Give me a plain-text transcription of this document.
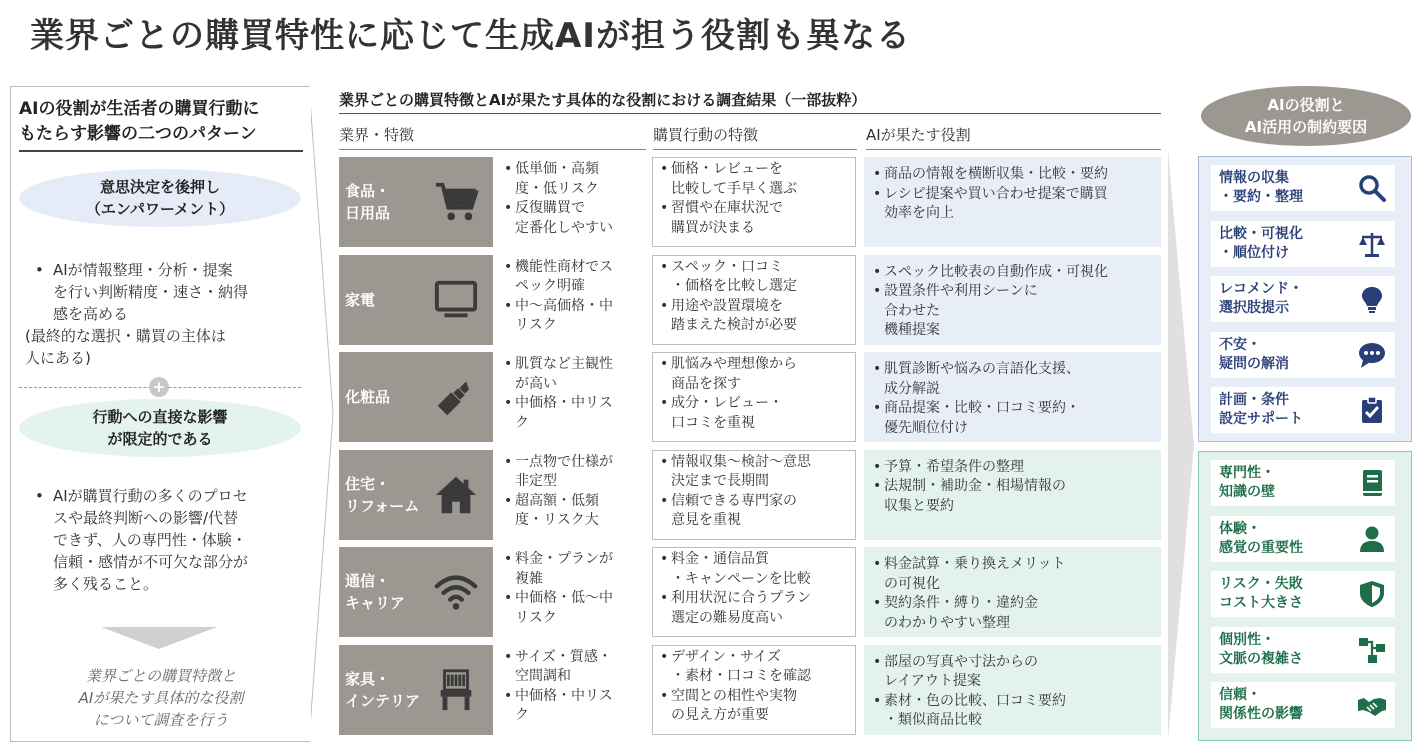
業界ごとの購買特性に応じて生成AIが担う役割も異なる
AIの役割が生活者の購買行動に
もたらす影響の二つのパターン
意思決定を後押し
（エンパワーメント）
• AIが情報整理・分析・提案
を行い判断精度・速さ・納得
感を高める
(最終的な選択・購買の主体は
人にある)
+
行動への直接な影響
が限定的である
• AIが購買行動の多くのプロセ
スや最終判断への影響/代替
できず、人の専門性・体験・
信頼・感情が不可欠な部分が
多く残ること。
業界ごとの購買特徴と
AIが果たす具体的な役割
について調査を行う
業界ごとの購買特徴とAIが果たす具体的な役割における調査結果（一部抜粋）
業界・特徴	購買行動の特徴	AIが果たす役割
食品・
日用品
• 低単価・高頻
度・低リスク
• 反復購買で
定番化しやすい
• 価格・レビューを
比較して手早く選ぶ
• 習慣や在庫状況で
購買が決まる
• 商品の情報を横断収集・比較・要約
• レシピ提案や買い合わせ提案で購買
効率を向上
家電
• 機能性商材でス
ペック明確
• 中〜高価格・中
リスク
• スペック・口コミ
・価格を比較し選定
• 用途や設置環境を
踏まえた検討が必要
• スペック比較表の自動作成・可視化
• 設置条件や利用シーンに
合わせた
機種提案
化粧品
• 肌質など主観性
が高い
• 中価格・中リス
ク
• 肌悩みや理想像から
商品を探す
• 成分・レビュー・
口コミを重視
• 肌質診断や悩みの言語化支援、
成分解説
• 商品提案・比較・口コミ要約・
優先順位付け
住宅・
リフォーム
• 一点物で仕様が
非定型
• 超高額・低頻
度・リスク大
• 情報収集〜検討〜意思
決定まで長期間
• 信頼できる専門家の
意見を重視
• 予算・希望条件の整理
• 法規制・補助金・相場情報の
収集と要約
通信・
キャリア
• 料金・プランが
複雑
• 中価格・低〜中
リスク
• 料金・通信品質
・キャンペーンを比較
• 利用状況に合うプラン
選定の難易度高い
• 料金試算・乗り換えメリット
の可視化
• 契約条件・縛り・違約金
のわかりやすい整理
家具・
インテリア
• サイズ・質感・
空間調和
• 中価格・中リス
ク
• デザイン・サイズ
・素材・口コミを確認
• 空間との相性や実物
の見え方が重要
• 部屋の写真や寸法からの
レイアウト提案
• 素材・色の比較、口コミ要約
・類似商品比較
AIの役割と
AI活用の制約要因
情報の収集
・要約・整理
比較・可視化
・順位付け
レコメンド・
選択肢提示
不安・
疑問の解消
計画・条件
設定サポート
専門性・
知識の壁
体験・
感覚の重要性
リスク・失敗
コスト大きさ
個別性・
文脈の複雑さ
信頼・
関係性の影響
